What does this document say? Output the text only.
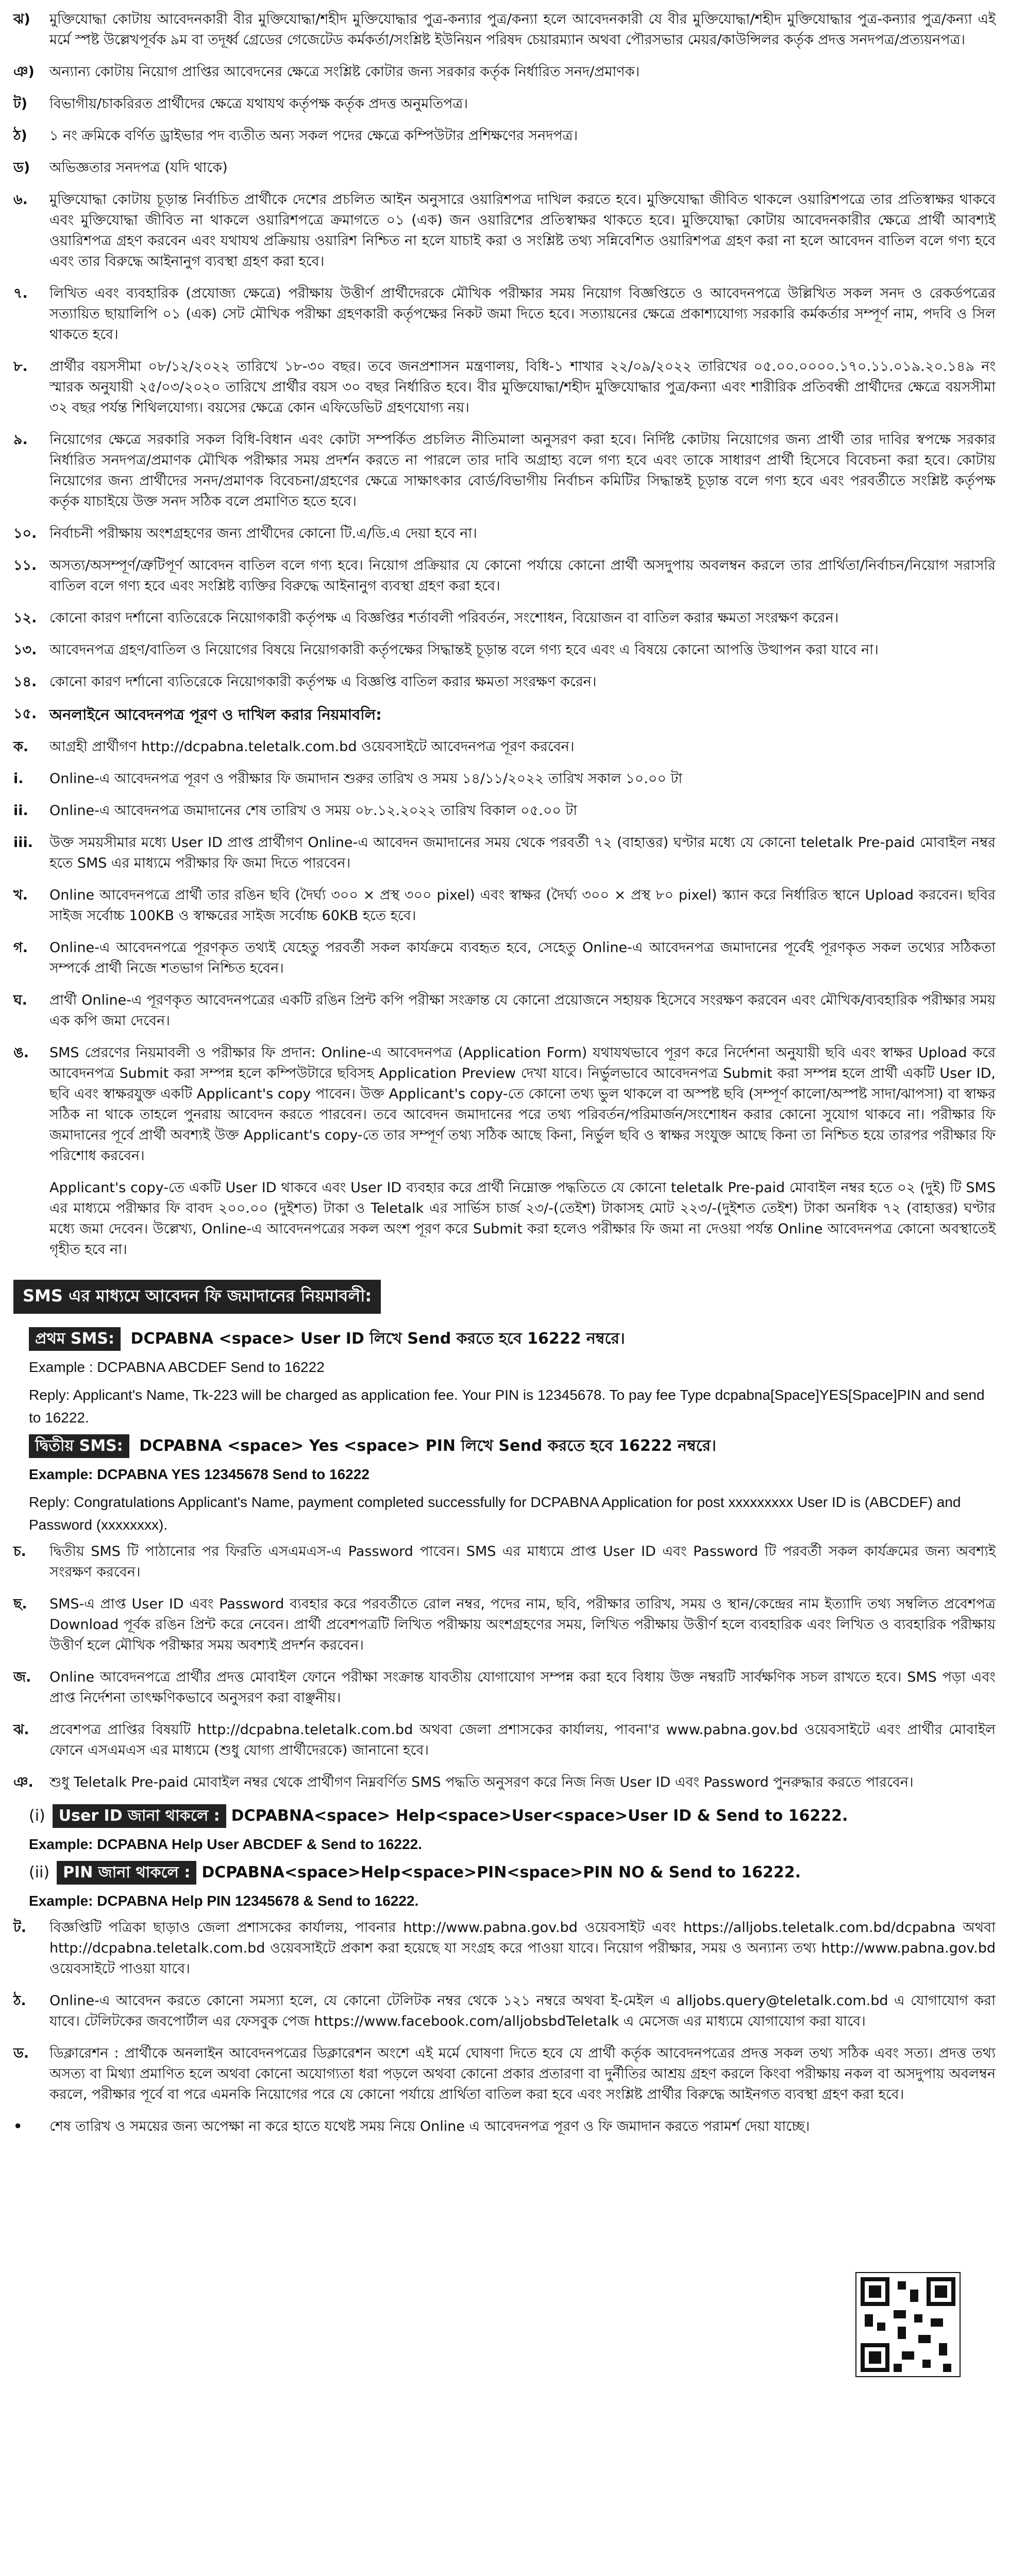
ঝ)	মুক্তিযোদ্ধা কোটায় আবেদনকারী বীর মুক্তিযোদ্ধা/শহীদ মুক্তিযোদ্ধার পুত্র-কন্যার পুত্র/কন্যা হলে আবেদনকারী যে বীর মুক্তিযোদ্ধা/শহীদ মুক্তিযোদ্ধার পুত্র-কন্যার পুত্র/কন্যা এই মর্মে স্পষ্ট উল্লেখপূর্বক ৯ম বা তদূর্ধ্ব গ্রেডের গেজেটেড কর্মকর্তা/সংশ্লিষ্ট ইউনিয়ন পরিষদ চেয়ারম্যান অথবা পৌরসভার মেয়র/কাউন্সিলর কর্তৃক প্রদত্ত সনদপত্র/প্রত্যয়নপত্র।
ঞ)	অন্যান্য কোটায় নিয়োগ প্রাপ্তির আবেদনের ক্ষেত্রে সংশ্লিষ্ট কোটার জন্য সরকার কর্তৃক নির্ধারিত সনদ/প্রমাণক।
ট)	বিভাগীয়/চাকরিরত প্রার্থীদের ক্ষেত্রে যথাযথ কর্তৃপক্ষ কর্তৃক প্রদত্ত অনুমতিপত্র।
ঠ)	১ নং ক্রমিকে বর্ণিত ড্রাইভার পদ ব্যতীত অন্য সকল পদের ক্ষেত্রে কম্পিউটার প্রশিক্ষণের সনদপত্র।
ড)	অভিজ্ঞতার সনদপত্র (যদি থাকে)
৬.	মুক্তিযোদ্ধা কোটায় চূড়ান্ত নির্বাচিত প্রার্থীকে দেশের প্রচলিত আইন অনুসারে ওয়ারিশপত্র দাখিল করতে হবে। মুক্তিযোদ্ধা জীবিত থাকলে ওয়ারিশপত্রে তার প্রতিস্বাক্ষর থাকবে এবং মুক্তিযোদ্ধা জীবিত না থাকলে ওয়ারিশপত্রে ক্রমাগতে ০১ (এক) জন ওয়ারিশের প্রতিস্বাক্ষর থাকতে হবে। মুক্তিযোদ্ধা কোটায় আবেদনকারীর ক্ষেত্রে প্রার্থী আবশ্যই ওয়ারিশপত্র গ্রহণ করবেন এবং যথাযথ প্রক্রিয়ায় ওয়ারিশ নিশ্চিত না হলে যাচাই করা ও সংশ্লিষ্ট তথ্য সন্নিবেশিত ওয়ারিশপত্র গ্রহণ করা না হলে আবেদন বাতিল বলে গণ্য হবে এবং তার বিরুদ্ধে আইনানুগ ব্যবস্থা গ্রহণ করা হবে।
৭.	লিখিত এবং ব্যবহারিক (প্রযোজ্য ক্ষেত্রে) পরীক্ষায় উত্তীর্ণ প্রার্থীদেরকে মৌখিক পরীক্ষার সময় নিয়োগ বিজ্ঞপ্তিতে ও আবেদনপত্রে উল্লিখিত সকল সনদ ও রেকর্ডপত্রের সত্যায়িত ছায়ালিপি ০১ (এক) সেট মৌখিক পরীক্ষা গ্রহণকারী কর্তৃপক্ষের নিকট জমা দিতে হবে। সত্যায়নের ক্ষেত্রে প্রকাশ্যযোগ্য সরকারি কর্মকর্তার সম্পূর্ণ নাম, পদবি ও সিল থাকতে হবে।
৮.	প্রার্থীর বয়সসীমা ০৮/১২/২০২২ তারিখে ১৮-৩০ বছর। তবে জনপ্রশাসন মন্ত্রণালয়, বিধি-১ শাখার ২২/০৯/২০২২ তারিখের ০৫.০০.০০০০.১৭০.১১.০১৯.২০.১৪৯ নং স্মারক অনুযায়ী ২৫/০৩/২০২০ তারিখে প্রার্থীর বয়স ৩০ বছর নির্ধারিত হবে। বীর মুক্তিযোদ্ধা/শহীদ মুক্তিযোদ্ধার পুত্র/কন্যা এবং শারীরিক প্রতিবন্ধী প্রার্থীদের ক্ষেত্রে বয়সসীমা ৩২ বছর পর্যন্ত শিথিলযোগ্য। বয়সের ক্ষেত্রে কোন এফিডেভিট গ্রহণযোগ্য নয়।
৯.	নিয়োগের ক্ষেত্রে সরকারি সকল বিধি-বিধান এবং কোটা সম্পর্কিত প্রচলিত নীতিমালা অনুসরণ করা হবে। নির্দিষ্ট কোটায় নিয়োগের জন্য প্রার্থী তার দাবির স্বপক্ষে সরকার নির্ধারিত সনদপত্র/প্রমাণক মৌখিক পরীক্ষার সময় প্রদর্শন করতে না পারলে তার দাবি অগ্রাহ্য বলে গণ্য হবে এবং তাকে সাধারণ প্রার্থী হিসেবে বিবেচনা করা হবে। কোটায় নিয়োগের জন্য প্রার্থীদের সনদ/প্রমাণক বিবেচনা/গ্রহণের ক্ষেত্রে সাক্ষাৎকার বোর্ড/বিভাগীয় নির্বাচন কমিটির সিদ্ধান্তই চূড়ান্ত বলে গণ্য হবে এবং পরবর্তীতে সংশ্লিষ্ট কর্তৃপক্ষ কর্তৃক যাচাইয়ে উক্ত সনদ সঠিক বলে প্রমাণিত হতে হবে।
১০. নির্বাচনী পরীক্ষায় অংশগ্রহণের জন্য প্রার্থীদের কোনো টি.এ/ডি.এ দেয়া হবে না।
১১. অসত্য/অসম্পূর্ণ/ত্রুটিপূর্ণ আবেদন বাতিল বলে গণ্য হবে। নিয়োগ প্রক্রিয়ার যে কোনো পর্যায়ে কোনো প্রার্থী অসদুপায় অবলম্বন করলে তার প্রার্থিতা/নির্বাচন/নিয়োগ সরাসরি বাতিল বলে গণ্য হবে এবং সংশ্লিষ্ট ব্যক্তির বিরুদ্ধে আইনানুগ ব্যবস্থা গ্রহণ করা হবে।
১২. কোনো কারণ দর্শানো ব্যতিরেকে নিয়োগকারী কর্তৃপক্ষ এ বিজ্ঞপ্তির শর্তাবলী পরিবর্তন, সংশোধন, বিয়োজন বা বাতিল করার ক্ষমতা সংরক্ষণ করেন।
১৩. আবেদনপত্র গ্রহণ/বাতিল ও নিয়োগের বিষয়ে নিয়োগকারী কর্তৃপক্ষের সিদ্ধান্তই চূড়ান্ত বলে গণ্য হবে এবং এ বিষয়ে কোনো আপত্তি উত্থাপন করা যাবে না।
১৪. কোনো কারণ দর্শানো ব্যতিরেকে নিয়োগকারী কর্তৃপক্ষ এ বিজ্ঞপ্তি বাতিল করার ক্ষমতা সংরক্ষণ করেন।
১৫. অনলাইনে আবেদনপত্র পূরণ ও দাখিল করার নিয়মাবলি:
ক.	আগ্রহী প্রার্থীগণ http://dcpabna.teletalk.com.bd ওয়েবসাইটে আবেদনপত্র পূরণ করবেন।
i.	Online-এ আবেদনপত্র পূরণ ও পরীক্ষার ফি জমাদান শুরুর তারিখ ও সময় ১৪/১১/২০২২ তারিখ সকাল ১০.০০ টা
ii.	Online-এ আবেদনপত্র জমাদানের শেষ তারিখ ও সময় ০৮.১২.২০২২ তারিখ বিকাল ০৫.০০ টা
iii.	উক্ত সময়সীমার মধ্যে User ID প্রাপ্ত প্রার্থীগণ Online-এ আবেদন জমাদানের সময় থেকে পরবর্তী ৭২ (বাহাত্তর) ঘণ্টার মধ্যে যে কোনো teletalk Pre-paid মোবাইল নম্বর হতে SMS এর মাধ্যমে পরীক্ষার ফি জমা দিতে পারবেন।
খ.	Online আবেদনপত্রে প্রার্থী তার রঙিন ছবি (দৈর্ঘ্য ৩০০ × প্রস্থ ৩০০ pixel) এবং স্বাক্ষর (দৈর্ঘ্য ৩০০ × প্রস্থ ৮০ pixel) স্ক্যান করে নির্ধারিত স্থানে Upload করবেন। ছবির সাইজ সর্বোচ্চ 100KB ও স্বাক্ষরের সাইজ সর্বোচ্চ 60KB হতে হবে।
গ.	Online-এ আবেদনপত্রে পূরণকৃত তথ্যই যেহেতু পরবর্তী সকল কার্যক্রমে ব্যবহৃত হবে, সেহেতু Online-এ আবেদনপত্র জমাদানের পূর্বেই পূরণকৃত সকল তথ্যের সঠিকতা সম্পর্কে প্রার্থী নিজে শতভাগ নিশ্চিত হবেন।
ঘ.	প্রার্থী Online-এ পূরণকৃত আবেদনপত্রের একটি রঙিন প্রিন্ট কপি পরীক্ষা সংক্রান্ত যে কোনো প্রয়োজনে সহায়ক হিসেবে সংরক্ষণ করবেন এবং মৌখিক/ব্যবহারিক পরীক্ষার সময় এক কপি জমা দেবেন।
ঙ.	SMS প্রেরণের নিয়মাবলী ও পরীক্ষার ফি প্রদান: Online-এ আবেদনপত্র (Application Form) যথাযথভাবে পূরণ করে নির্দেশনা অনুযায়ী ছবি এবং স্বাক্ষর Upload করে আবেদনপত্র Submit করা সম্পন্ন হলে কম্পিউটারে ছবিসহ Application Preview দেখা যাবে। নির্ভুলভাবে আবেদনপত্র Submit করা সম্পন্ন হলে প্রার্থী একটি User ID, ছবি এবং স্বাক্ষরযুক্ত একটি Applicant's copy পাবেন। উক্ত Applicant's copy-তে কোনো তথ্য ভুল থাকলে বা অস্পষ্ট ছবি (সম্পূর্ণ কালো/অস্পষ্ট সাদা/ঝাপসা) বা স্বাক্ষর সঠিক না থাকে তাহলে পুনরায় আবেদন করতে পারবেন। তবে আবেদন জমাদানের পরে তথ্য পরিবর্তন/পরিমার্জন/সংশোধন করার কোনো সুযোগ থাকবে না। পরীক্ষার ফি জমাদানের পূর্বে প্রার্থী অবশ্যই উক্ত Applicant's copy-তে তার সম্পূর্ণ তথ্য সঠিক আছে কিনা, নির্ভুল ছবি ও স্বাক্ষর সংযুক্ত আছে কিনা তা নিশ্চিত হয়ে তারপর পরীক্ষার ফি পরিশোধ করবেন।
Applicant's copy-তে একটি User ID থাকবে এবং User ID ব্যবহার করে প্রার্থী নিম্নোক্ত পদ্ধতিতে যে কোনো teletalk Pre-paid মোবাইল নম্বর হতে ০২ (দুই) টি SMS এর মাধ্যমে পরীক্ষার ফি বাবদ ২০০.০০ (দুইশত) টাকা ও Teletalk এর সার্ভিস চার্জ ২৩/-(তেইশ) টাকাসহ মোট ২২৩/-(দুইশত তেইশ) টাকা অনধিক ৭২ (বাহাত্তর) ঘণ্টার মধ্যে জমা দেবেন। উল্লেখ্য, Online-এ আবেদনপত্রের সকল অংশ পূরণ করে Submit করা হলেও পরীক্ষার ফি জমা না দেওয়া পর্যন্ত Online আবেদনপত্র কোনো অবস্থাতেই গৃহীত হবে না।
SMS এর মাধ্যমে আবেদন ফি জমাদানের নিয়মাবলী:
প্রথম SMS: DCPABNA <space> User ID লিখে Send করতে হবে 16222 নম্বরে।
Example : DCPABNA ABCDEF Send to 16222
Reply: Applicant's Name, Tk-223 will be charged as application fee. Your PIN is 12345678. To pay fee Type dcpabna[Space]YES[Space]PIN and send to 16222.
দ্বিতীয় SMS: DCPABNA <space> Yes <space> PIN লিখে Send করতে হবে 16222 নম্বরে।
Example: DCPABNA YES 12345678 Send to 16222
Reply: Congratulations Applicant's Name, payment completed successfully for DCPABNA Application for post xxxxxxxxx User ID is (ABCDEF) and Password (xxxxxxxx).
চ.	দ্বিতীয় SMS টি পাঠানোর পর ফিরতি এসএমএস-এ Password পাবেন। SMS এর মাধ্যমে প্রাপ্ত User ID এবং Password টি পরবর্তী সকল কার্যক্রমের জন্য অবশ্যই সংরক্ষণ করবেন।
ছ.	SMS-এ প্রাপ্ত User ID এবং Password ব্যবহার করে পরবর্তীতে রোল নম্বর, পদের নাম, ছবি, পরীক্ষার তারিখ, সময় ও স্থান/কেন্দ্রের নাম ইত্যাদি তথ্য সম্বলিত প্রবেশপত্র Download পূর্বক রঙিন প্রিন্ট করে নেবেন। প্রার্থী প্রবেশপত্রটি লিখিত পরীক্ষায় অংশগ্রহণের সময়, লিখিত পরীক্ষায় উত্তীর্ণ হলে ব্যবহারিক এবং লিখিত ও ব্যবহারিক পরীক্ষায় উত্তীর্ণ হলে মৌখিক পরীক্ষার সময় অবশ্যই প্রদর্শন করবেন।
জ.	Online আবেদনপত্রে প্রার্থীর প্রদত্ত মোবাইল ফোনে পরীক্ষা সংক্রান্ত যাবতীয় যোগাযোগ সম্পন্ন করা হবে বিধায় উক্ত নম্বরটি সার্বক্ষণিক সচল রাখতে হবে। SMS পড়া এবং প্রাপ্ত নির্দেশনা তাৎক্ষণিকভাবে অনুসরণ করা বাঞ্ছনীয়।
ঝ.	প্রবেশপত্র প্রাপ্তির বিষয়টি http://dcpabna.teletalk.com.bd অথবা জেলা প্রশাসকের কার্যালয়, পাবনা'র www.pabna.gov.bd ওয়েবসাইটে এবং প্রার্থীর মোবাইল ফোনে এসএমএস এর মাধ্যমে (শুধু যোগ্য প্রার্থীদেরকে) জানানো হবে।
ঞ.	শুধু Teletalk Pre-paid মোবাইল নম্বর থেকে প্রার্থীগণ নিম্নবর্ণিত SMS পদ্ধতি অনুসরণ করে নিজ নিজ User ID এবং Password পুনরুদ্ধার করতে পারবেন।
(i) User ID জানা থাকলে : DCPABNA<space> Help<space>User<space>User ID & Send to 16222.
Example: DCPABNA Help User ABCDEF & Send to 16222.
(ii) PIN জানা থাকলে : DCPABNA<space>Help<space>PIN<space>PIN NO & Send to 16222.
Example: DCPABNA Help PIN 12345678 & Send to 16222.
ট.	বিজ্ঞপ্তিটি পত্রিকা ছাড়াও জেলা প্রশাসকের কার্যালয়, পাবনার http://www.pabna.gov.bd ওয়েবসাইট এবং https://alljobs.teletalk.com.bd/dcpabna অথবা http://dcpabna.teletalk.com.bd ওয়েবসাইটে প্রকাশ করা হয়েছে যা সংগ্রহ করে পাওয়া যাবে। নিয়োগ পরীক্ষার, সময় ও অন্যান্য তথ্য http://www.pabna.gov.bd ওয়েবসাইটে পাওয়া যাবে।
ঠ.	Online-এ আবেদন করতে কোনো সমস্যা হলে, যে কোনো টেলিটক নম্বর থেকে ১২১ নম্বরে অথবা ই-মেইল এ alljobs.query@teletalk.com.bd এ যোগাযোগ করা যাবে। টেলিটকের জবপোর্টাল এর ফেসবুক পেজ https://www.facebook.com/alljobsbdTeletalk এ মেসেজ এর মাধ্যমে যোগাযোগ করা যাবে।
ড.	ডিক্লারেশন : প্রার্থীকে অনলাইন আবেদনপত্রের ডিক্লারেশন অংশে এই মর্মে ঘোষণা দিতে হবে যে প্রার্থী কর্তৃক আবেদনপত্রের প্রদত্ত সকল তথ্য সঠিক এবং সত্য। প্রদত্ত তথ্য অসত্য বা মিথ্যা প্রমাণিত হলে অথবা কোনো অযোগ্যতা ধরা পড়লে অথবা কোনো প্রকার প্রতারণা বা দুর্নীতির আশ্রয় গ্রহণ করলে কিংবা পরীক্ষায় নকল বা অসদুপায় অবলম্বন করলে, পরীক্ষার পূর্বে বা পরে এমনকি নিয়োগের পরে যে কোনো পর্যায়ে প্রার্থিতা বাতিল করা হবে এবং সংশ্লিষ্ট প্রার্থীর বিরুদ্ধে আইনগত ব্যবস্থা গ্রহণ করা হবে।
•	শেষ তারিখ ও সময়ের জন্য অপেক্ষা না করে হাতে যথেষ্ট সময় নিয়ে Online এ আবেদনপত্র পূরণ ও ফি জমাদান করতে পরামর্শ দেয়া যাচ্ছে।
